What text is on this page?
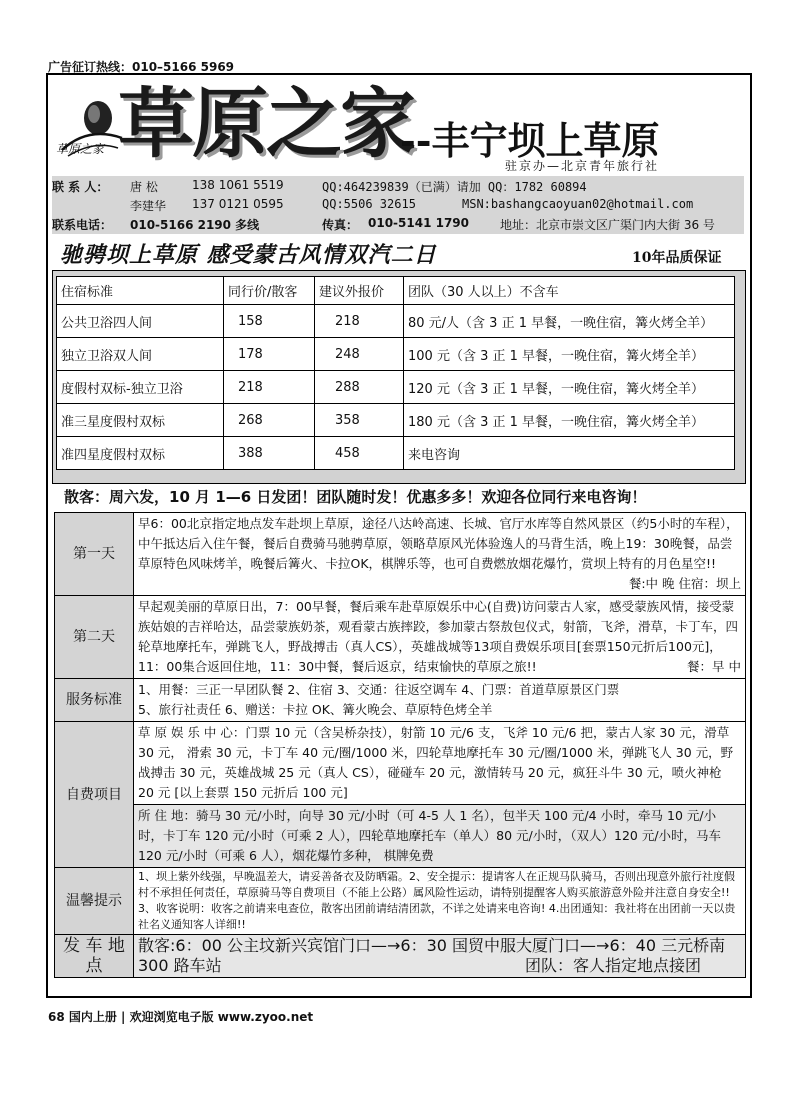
广告征订热线：010–5166 5969
草原之家 草原之家
--丰宁坝上草原
驻京办—北京青年旅行社
联 系 人： 唐 松	138 1061 5519	QQ:464239839（已满）请加 QQ：1782 60894
李建华 137 0121 0595	QQ:5506 32615	MSN:bashangcaoyuan02@hotmail.com
联系电话： 010-5166 2190 多线	传真： 010-5141 1790	地址： 北京市崇文区广渠门内大街 36 号
驰骋坝上草原 感受蒙古风情双汽二日	10年品质保证
住宿标准	同行价/散客	建议外报价	团队（30 人以上）不含车
公共卫浴四人间	158	218	80 元/人（含 3 正 1 早餐，一晚住宿，篝火烤全羊）
独立卫浴双人间	178	248	100 元（含 3 正 1 早餐，一晚住宿，篝火烤全羊）
度假村双标-独立卫浴	218	288	120 元（含 3 正 1 早餐，一晚住宿，篝火烤全羊）
准三星度假村双标	268	358	180 元（含 3 正 1 早餐，一晚住宿，篝火烤全羊）
准四星度假村双标	388	458	来电咨询
散客：周六发，10 月 1—6 日发团！团队随时发！优惠多多！欢迎各位同行来电咨询！
第一天	早6：00北京指定地点发车赴坝上草原，途径八达岭高速、长城、官厅水库等自然风景区（约5小时的车程），中午抵达后入住午餐，餐后自费骑马驰骋草原，领略草原风光体验逸人的马背生活，晚上19：30晚餐，品尝草原特色风味烤羊，晚餐后篝火、卡拉OK，棋牌乐等，也可自费燃放烟花爆竹，赏坝上特有的月色星空!!
餐:中 晚 住宿：坝上

第二天	早起观美丽的草原日出，7：00早餐，餐后乘车赴草原娱乐中心(自费)访问蒙古人家，感受蒙族风情，接受蒙族姑娘的吉祥哈达，品尝蒙族奶茶，观看蒙古族摔跤，参加蒙古祭敖包仪式，射箭，飞斧，滑草，卡丁车，四轮草地摩托车，弹跳飞人，野战搏击（真人CS），英雄战城等13项自费娱乐项目[套票150元折后100元]， 11：00集合返回住地，11：30中餐，餐后返京，结束愉快的草原之旅!! 餐：早 中

服务标准	1、用餐：三正一早团队餐 2、住宿 3、交通：往返空调车 4、门票：首道草原景区门票
5、旅行社责任 6、赠送：卡拉 OK、篝火晚会、草原特色烤全羊

自费项目	草 原 娱 乐 中 心：门票 10 元（含吴桥杂技），射箭 10 元/6 支，飞斧 10 元/6 把，蒙古人家 30 元，滑草 30 元， 滑索 30 元，卡丁车 40 元/圈/1000 米，四轮草地摩托车 30 元/圈/1000 米，弹跳飞人 30 元，野战搏击 30 元，英雄战城 25 元（真人 CS），碰碰车 20 元，激情转马 20 元，疯狂斗牛 30 元，喷火神枪 20 元 [以上套票 150 元折后 100 元]
	所 住 地：骑马 30 元/小时，向导 30 元/小时（可 4-5 人 1 名），包半天 100 元/4 小时，牵马 10 元/小时，卡丁车 120 元/小时（可乘 2 人），四轮草地摩托车（单人）80 元/小时，（双人）120 元/小时，马车 120 元/小时（可乘 6 人），烟花爆竹多种， 棋牌免费
温馨提示	1、坝上紫外线强，早晚温差大，请妥善备衣及防晒霜。2、安全提示：提请客人在正规马队骑马，否则出现意外旅行社度假村不承担任何责任，草原骑马等自费项目（不能上公路）属风险性运动，请特别提醒客人购买旅游意外险并注意自身安全!! 3、收客说明：收客之前请来电查位，散客出团前请结清团款，不详之处请来电咨询! 4.出团通知：我社将在出团前一天以贵社名义通知客人详细!!
发 车 地 点	散客:6：00 公主坟新兴宾馆门口—→6：30 国贸中服大厦门口—→6：40 三元桥南 300 路车站 团队：客人指定地点接团
68 国内上册 | 欢迎浏览电子版 www.zyoo.net
